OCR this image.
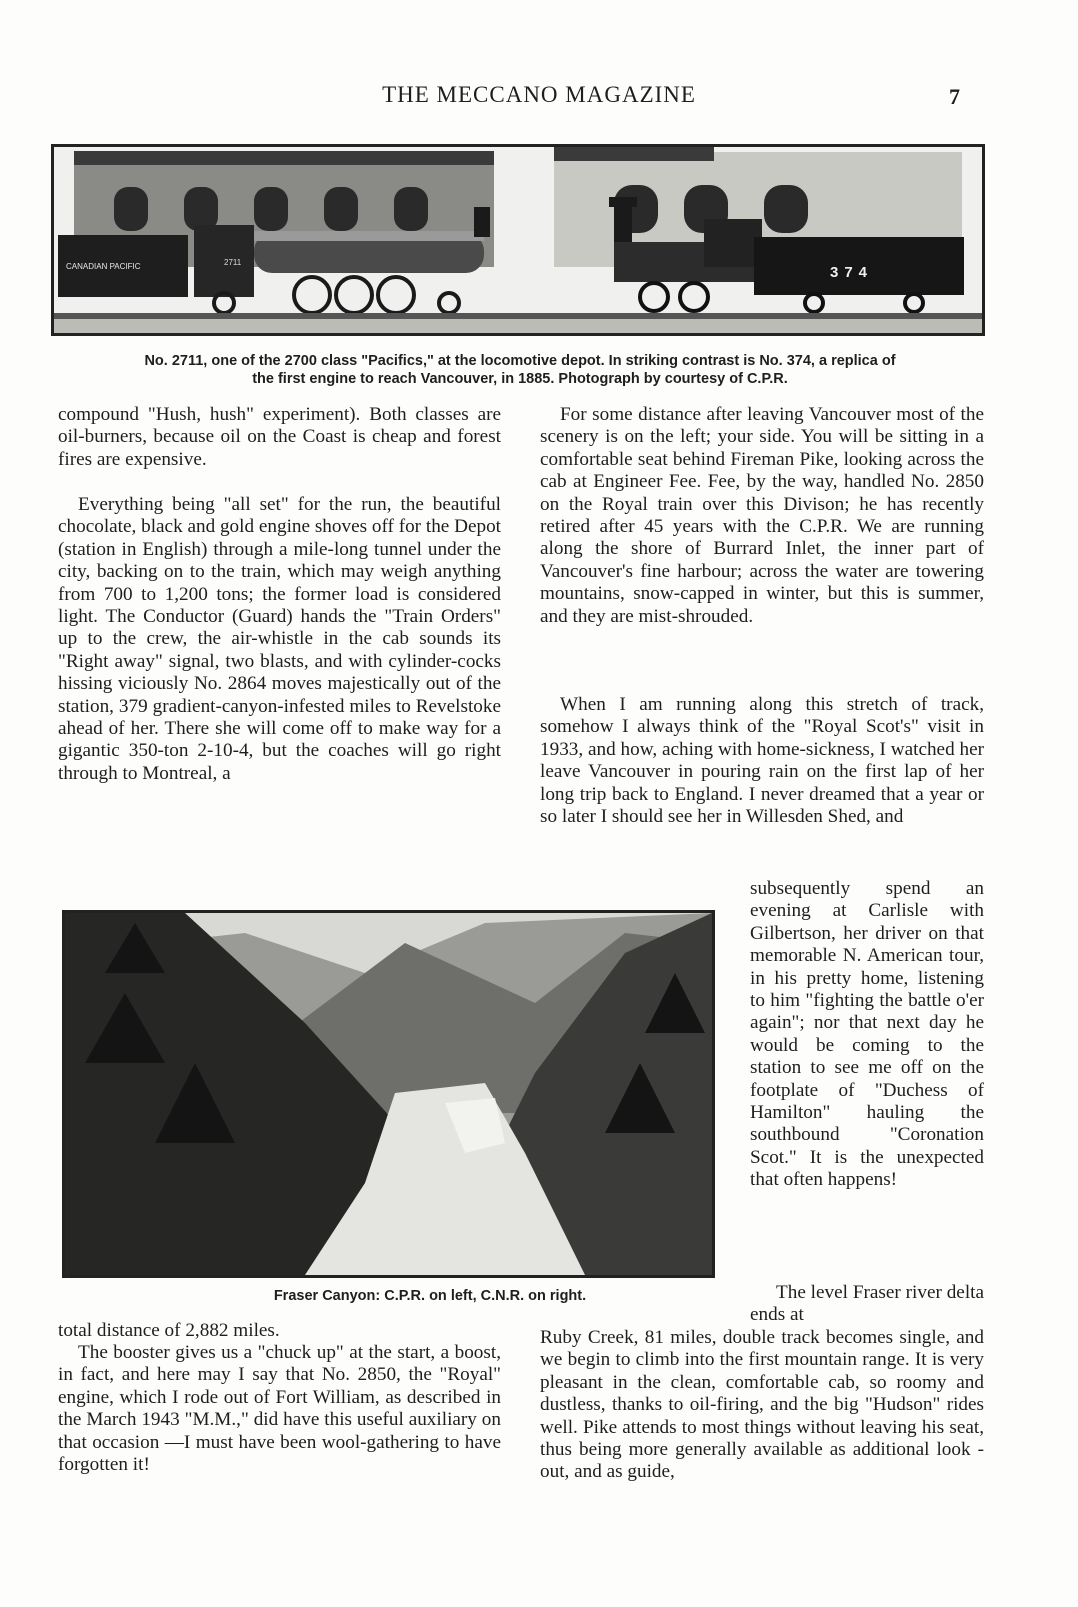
THE MECCANO MAGAZINE	7
CANADIAN PACIFIC	2711
374
No. 2711, one of the 2700 class "Pacifics," at the locomotive depot. In striking contrast is No. 374, a replica of
the first engine to reach Vancouver, in 1885. Photograph by courtesy of C.P.R.

compound "Hush, hush" experiment). Both classes are oil-burners, because oil on the Coast is cheap and forest fires are expensive.

Everything being "all set" for the run, the beautiful chocolate, black and gold engine shoves off for the Depot (station in English) through a mile-long tunnel under the city, backing on to the train, which may weigh anything from 700 to 1,200 tons; the former load is considered light. The Conductor (Guard) hands the "Train Orders" up to the crew, the air-whistle in the cab sounds its "Right away" signal, two blasts, and with cylinder-cocks hissing viciously No. 2864 moves majestically out of the station, 379 gradient-canyon-infested miles to Revelstoke ahead of her. There she will come off to make way for a gigantic 350-ton 2-10-4, but the coaches will go right through to Montreal, a

For some distance after leaving Vancouver most of the scenery is on the left; your side. You will be sitting in a comfortable seat behind Fireman Pike, looking across the cab at Engineer Fee. Fee, by the way, handled No. 2850 on the Royal train over this Divison; he has recently retired after 45 years with the C.P.R. We are running along the shore of Burrard Inlet, the inner part of Vancouver's fine harbour; across the water are towering mountains, snow-capped in winter, but this is summer, and they are mist-shrouded.

When I am running along this stretch of track, somehow I always think of the "Royal Scot's" visit in 1933, and how, aching with home-sickness, I watched her leave Vancouver in pouring rain on the first lap of her long trip back to England. I never dreamed that a year or so later I should see her in Willesden Shed, and

Fraser Canyon: C.P.R. on left, C.N.R. on right.

subsequently spend an evening at Carlisle with Gilbertson, her driver on that memorable N. American tour, in his pretty home, listening to him "fighting the battle o'er again"; nor that next day he would be coming to the station to see me off on the footplate of "Duchess of Hamilton" hauling the southbound "Coronation Scot." It is the unexpected that often happens!

The level Fraser river delta ends at

total distance of 2,882 miles.

The booster gives us a "chuck up" at the start, a boost, in fact, and here may I say that No. 2850, the "Royal" engine, which I rode out of Fort William, as described in the March 1943 "M.M.," did have this useful auxiliary on that occasion —I must have been wool-gathering to have forgotten it!

Ruby Creek, 81 miles, double track becomes single, and we begin to climb into the first mountain range. It is very pleasant in the clean, comfortable cab, so roomy and dustless, thanks to oil-firing, and the big "Hudson" rides well. Pike attends to most things without leaving his seat, thus being more generally available as additional look - out, and as guide,
